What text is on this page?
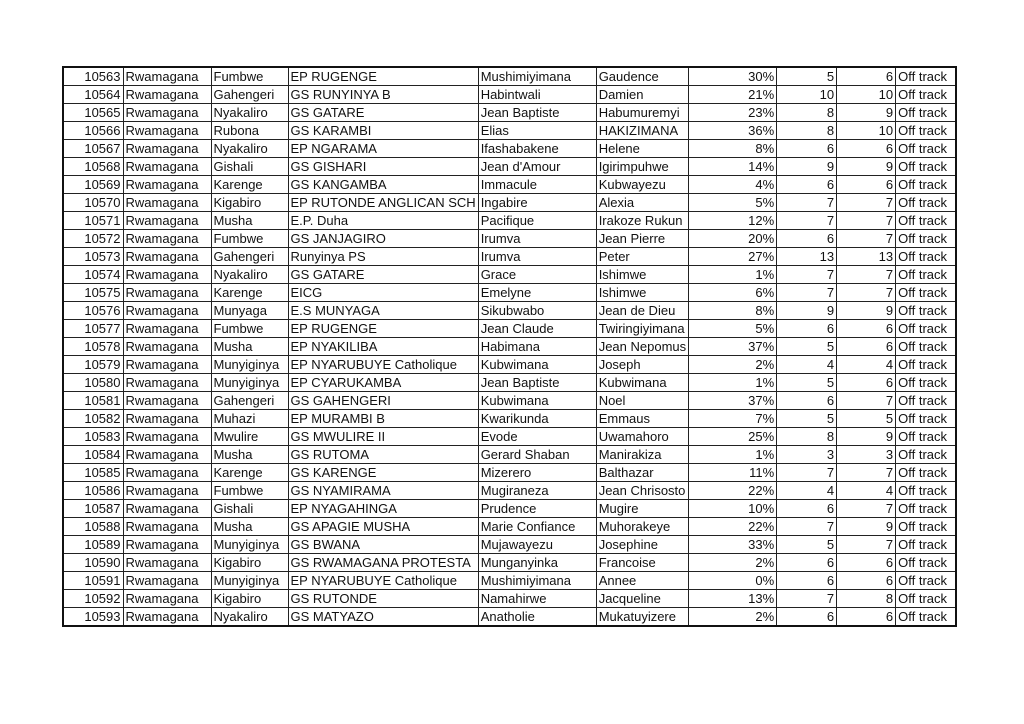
10563	Rwamagana	Fumbwe	EP RUGENGE	Mushimiyimana	Gaudence	30%	5	6	Off track
10564	Rwamagana	Gahengeri	GS RUNYINYA B	Habintwali	Damien	21%	10	10	Off track
10565	Rwamagana	Nyakaliro	GS GATARE	Jean Baptiste	Habumuremyi	23%	8	9	Off track
10566	Rwamagana	Rubona	GS KARAMBI	Elias	HAKIZIMANA	36%	8	10	Off track
10567	Rwamagana	Nyakaliro	EP NGARAMA	Ifashabakene	Helene	8%	6	6	Off track
10568	Rwamagana	Gishali	GS GISHARI	Jean d'Amour	Igirimpuhwe	14%	9	9	Off track
10569	Rwamagana	Karenge	GS KANGAMBA	Immacule	Kubwayezu	4%	6	6	Off track
10570	Rwamagana	Kigabiro	EP RUTONDE ANGLICAN SCH	Ingabire	Alexia	5%	7	7	Off track
10571	Rwamagana	Musha	E.P. Duha	Pacifique	Irakoze Rukun	12%	7	7	Off track
10572	Rwamagana	Fumbwe	GS JANJAGIRO	Irumva	Jean Pierre	20%	6	7	Off track
10573	Rwamagana	Gahengeri	Runyinya PS	Irumva	Peter	27%	13	13	Off track
10574	Rwamagana	Nyakaliro	GS GATARE	Grace	Ishimwe	1%	7	7	Off track
10575	Rwamagana	Karenge	EICG	Emelyne	Ishimwe	6%	7	7	Off track
10576	Rwamagana	Munyaga	E.S MUNYAGA	Sikubwabo	Jean de Dieu	8%	9	9	Off track
10577	Rwamagana	Fumbwe	EP RUGENGE	Jean Claude	Twiringiyimana	5%	6	6	Off track
10578	Rwamagana	Musha	EP NYAKILIBA	Habimana	Jean Nepomus	37%	5	6	Off track
10579	Rwamagana	Munyiginya	EP NYARUBUYE Catholique	Kubwimana	Joseph	2%	4	4	Off track
10580	Rwamagana	Munyiginya	EP CYARUKAMBA	Jean Baptiste	Kubwimana	1%	5	6	Off track
10581	Rwamagana	Gahengeri	GS GAHENGERI	Kubwimana	Noel	37%	6	7	Off track
10582	Rwamagana	Muhazi	EP MURAMBI B	Kwarikunda	Emmaus	7%	5	5	Off track
10583	Rwamagana	Mwulire	GS MWULIRE II	Evode	Uwamahoro	25%	8	9	Off track
10584	Rwamagana	Musha	GS RUTOMA	Gerard Shaban	Manirakiza	1%	3	3	Off track
10585	Rwamagana	Karenge	GS KARENGE	Mizerero	Balthazar	11%	7	7	Off track
10586	Rwamagana	Fumbwe	GS NYAMIRAMA	Mugiraneza	Jean Chrisosto	22%	4	4	Off track
10587	Rwamagana	Gishali	EP NYAGAHINGA	Prudence	Mugire	10%	6	7	Off track
10588	Rwamagana	Musha	GS APAGIE MUSHA	Marie Confiance	Muhorakeye	22%	7	9	Off track
10589	Rwamagana	Munyiginya	GS BWANA	Mujawayezu	Josephine	33%	5	7	Off track
10590	Rwamagana	Kigabiro	GS RWAMAGANA PROTESTA	Munganyinka	Francoise	2%	6	6	Off track
10591	Rwamagana	Munyiginya	EP NYARUBUYE Catholique	Mushimiyimana	Annee	0%	6	6	Off track
10592	Rwamagana	Kigabiro	GS RUTONDE	Namahirwe	Jacqueline	13%	7	8	Off track
10593	Rwamagana	Nyakaliro	GS MATYAZO	Anatholie	Mukatuyizere	2%	6	6	Off track
